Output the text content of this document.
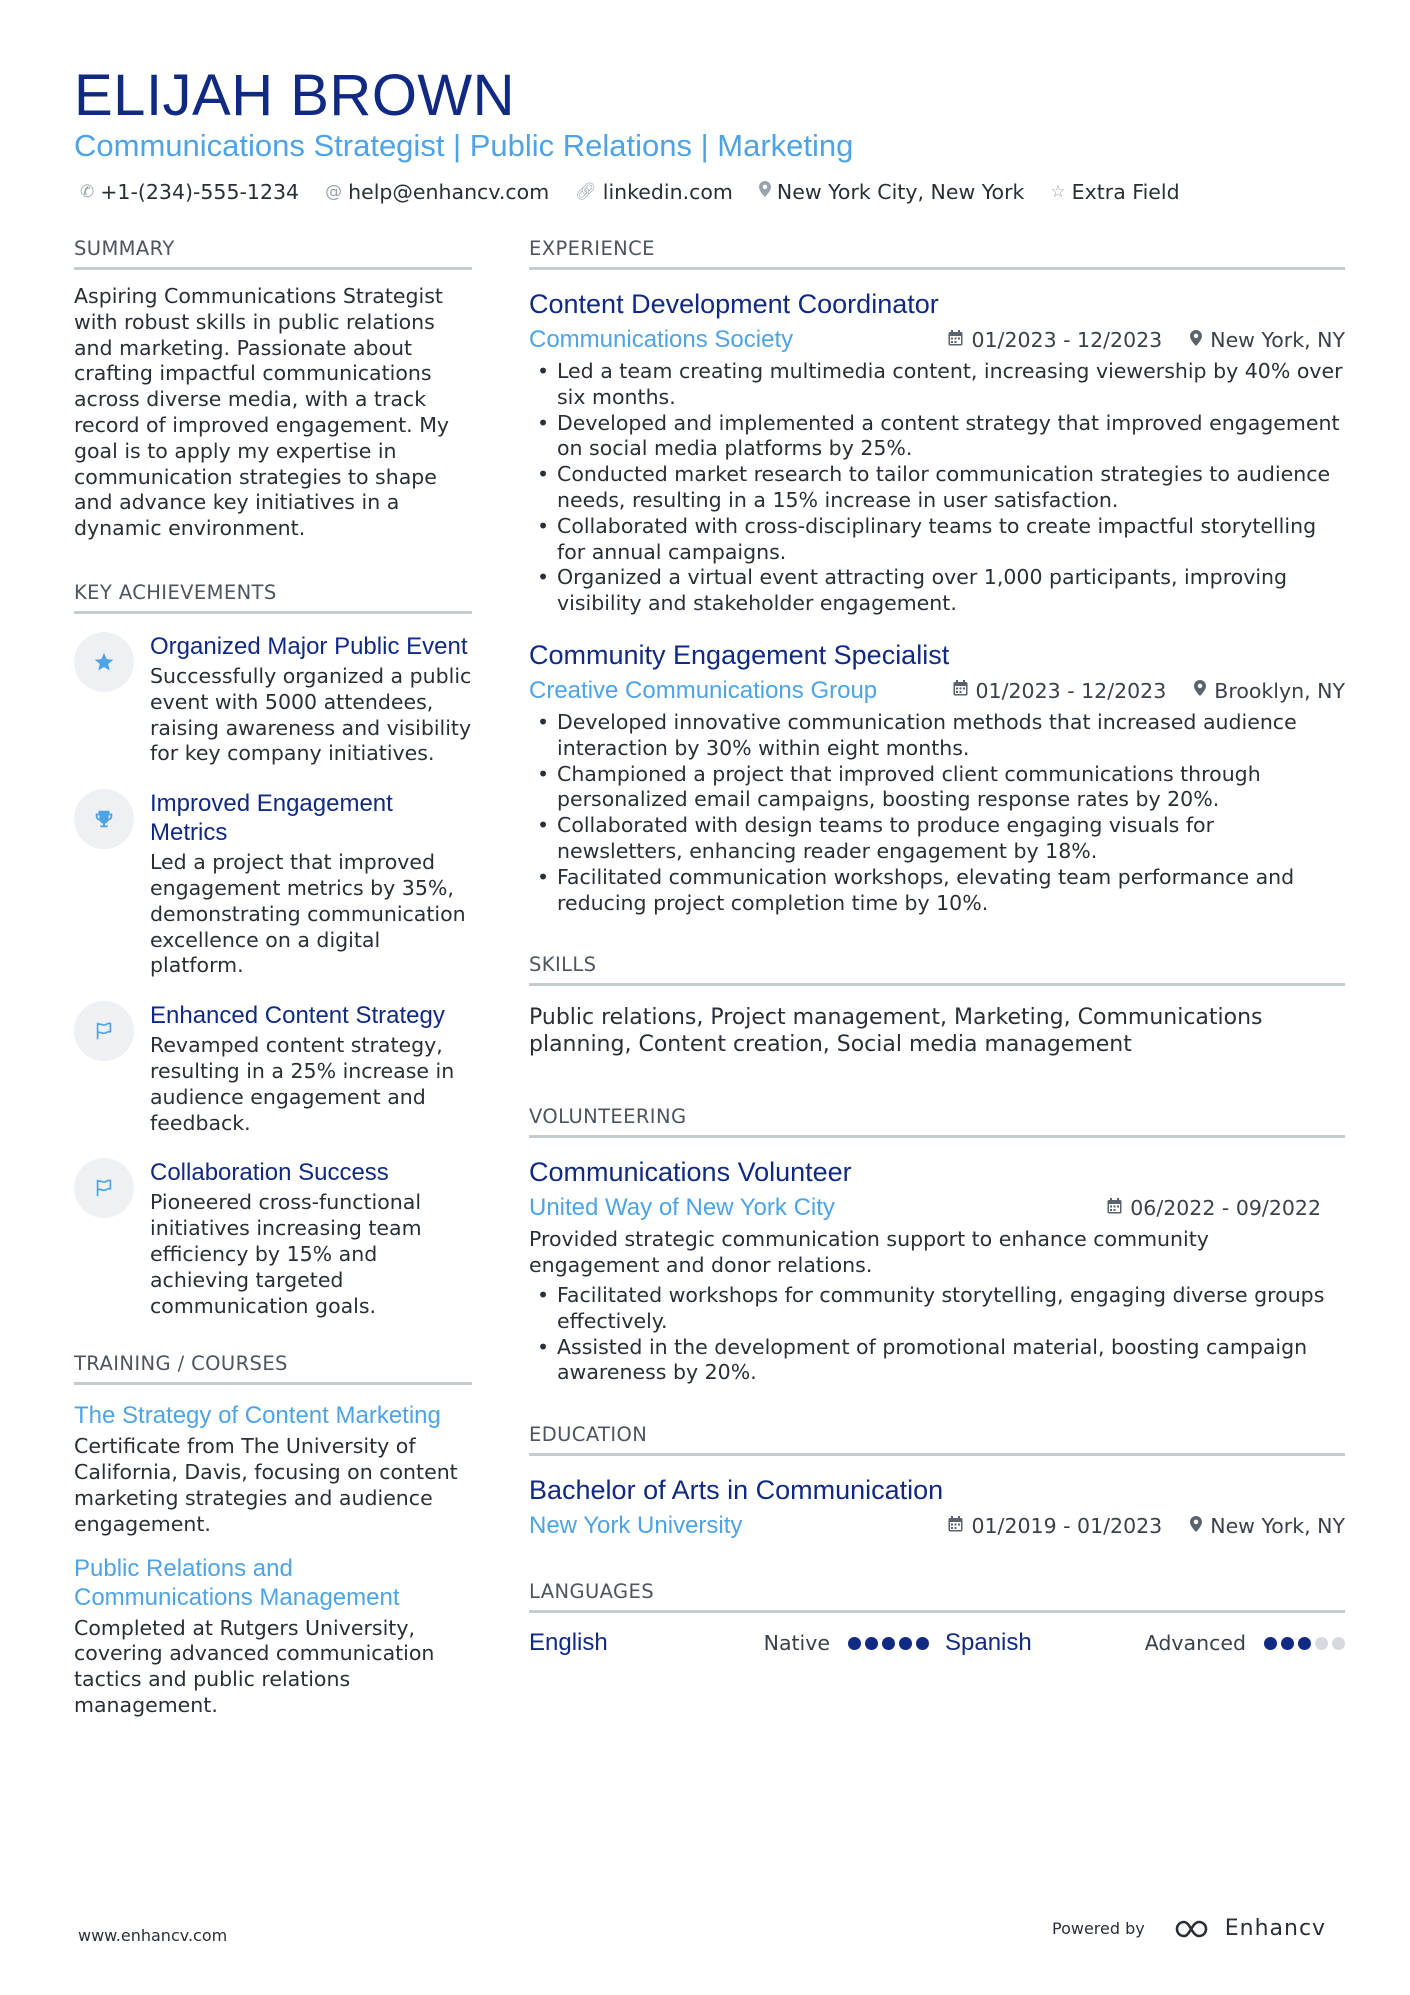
ELIJAH BROWN
Communications Strategist | Public Relations | Marketing
✆ +1-(234)-555-1234 @ help@enhancv.com 🔗︎ linkedin.com New York City, New York ☆ Extra Field
SUMMARY
Aspiring Communications Strategist with robust skills in public relations and marketing. Passionate about crafting impactful communications across diverse media, with a track record of improved engagement. My goal is to apply my expertise in communication strategies to shape and advance key initiatives in a dynamic environment.
KEY ACHIEVEMENTS
Organized Major Public Event
Successfully organized a public event with 5000 attendees, raising awareness and visibility for key company initiatives.
Improved Engagement Metrics
Led a project that improved engagement metrics by 35%, demonstrating communication excellence on a digital platform.
Enhanced Content Strategy
Revamped content strategy, resulting in a 25% increase in audience engagement and feedback.
Collaboration Success
Pioneered cross-functional initiatives increasing team efficiency by 15% and achieving targeted communication goals.
TRAINING / COURSES
The Strategy of Content Marketing
Certificate from The University of California, Davis, focusing on content marketing strategies and audience engagement.
Public Relations and Communications Management
Completed at Rutgers University, covering advanced communication tactics and public relations management.
EXPERIENCE
Content Development Coordinator
Communications Society	01/2023 - 12/2023 New York, NY
• Led a team creating multimedia content, increasing viewership by 40% over six months.
• Developed and implemented a content strategy that improved engagement on social media platforms by 25%.
• Conducted market research to tailor communication strategies to audience needs, resulting in a 15% increase in user satisfaction.
• Collaborated with cross-disciplinary teams to create impactful storytelling for annual campaigns.
• Organized a virtual event attracting over 1,000 participants, improving visibility and stakeholder engagement.
Community Engagement Specialist
Creative Communications Group	01/2023 - 12/2023 Brooklyn, NY
• Developed innovative communication methods that increased audience interaction by 30% within eight months.
• Championed a project that improved client communications through personalized email campaigns, boosting response rates by 20%.
• Collaborated with design teams to produce engaging visuals for newsletters, enhancing reader engagement by 18%.
• Facilitated communication workshops, elevating team performance and reducing project completion time by 10%.
SKILLS
Public relations, Project management, Marketing, Communications planning, Content creation, Social media management
VOLUNTEERING
Communications Volunteer
United Way of New York City	06/2022 - 09/2022
Provided strategic communication support to enhance community engagement and donor relations.
• Facilitated workshops for community storytelling, engaging diverse groups effectively.
• Assisted in the development of promotional material, boosting campaign awareness by 20%.
EDUCATION
Bachelor of Arts in Communication
New York University	01/2019 - 01/2023 New York, NY
LANGUAGES
English	Native	Spanish	Advanced
www.enhancv.com	Powered by	Enhancv
